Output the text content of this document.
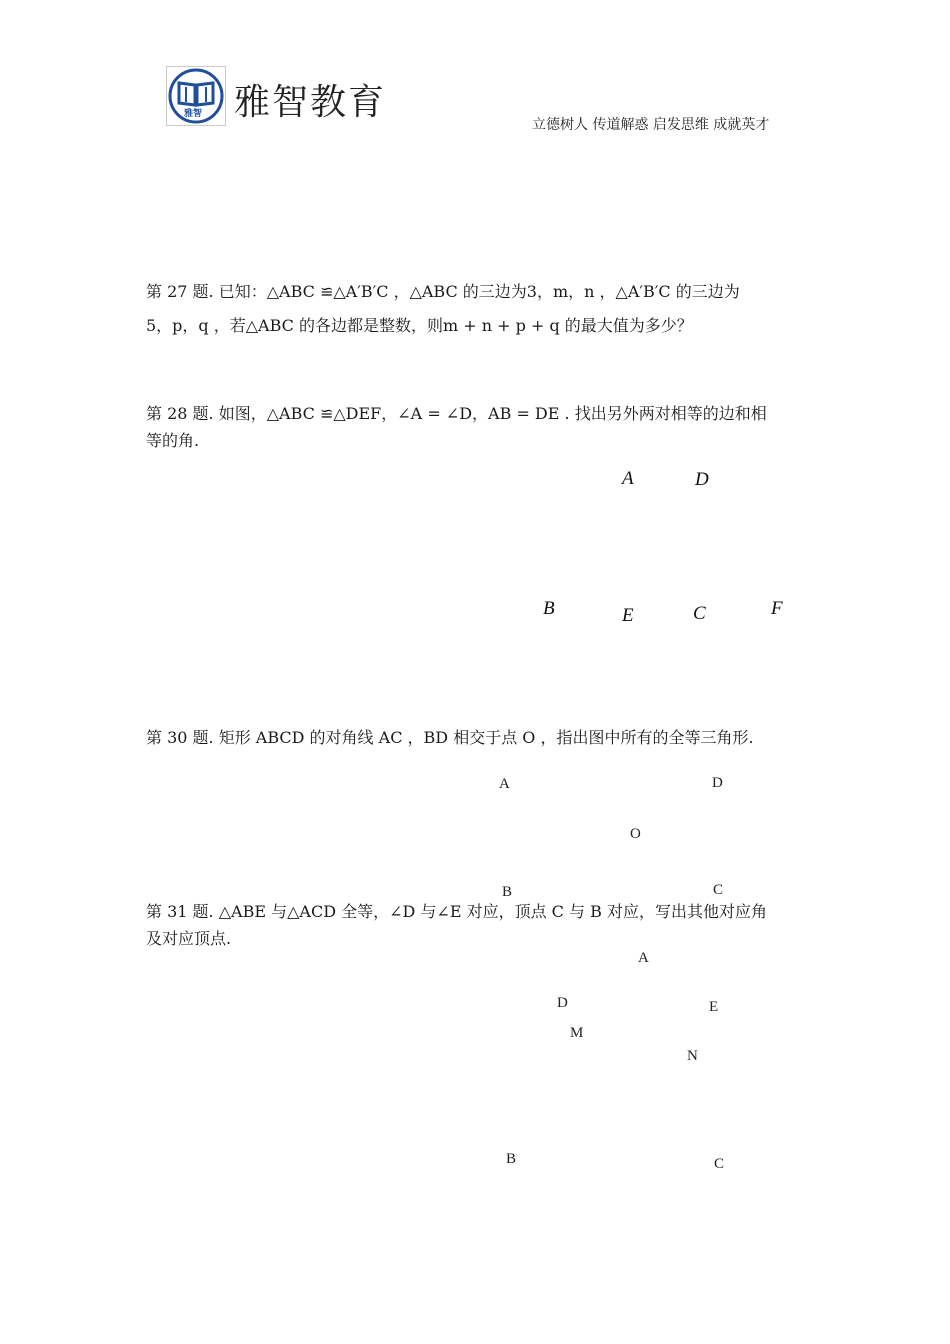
雅智 雅智教育
立德树人 传道解惑 启发思维 成就英才
第 27 题. 已知：△ABC ≌△A′B′C ，△ABC 的三边为3，m，n ，△A′B′C 的三边为
5，p，q ，若△ABC 的各边都是整数，则m + n + p + q 的最大值为多少？
第 28 题. 如图，△ABC ≌△DEF，∠A = ∠D，AB = DE . 找出另外两对相等的边和相
等的角.
A	D
B	E	C	F
第 30 题. 矩形 ABCD 的对角线 AC ，BD 相交于点 O ，指出图中所有的全等三角形.
A	D
O
B	C
第 31 题. △ABE 与△ACD 全等，∠D 与∠E 对应，顶点 C 与 B 对应，写出其他对应角
及对应顶点.
A
D	E
M
N
B	C
